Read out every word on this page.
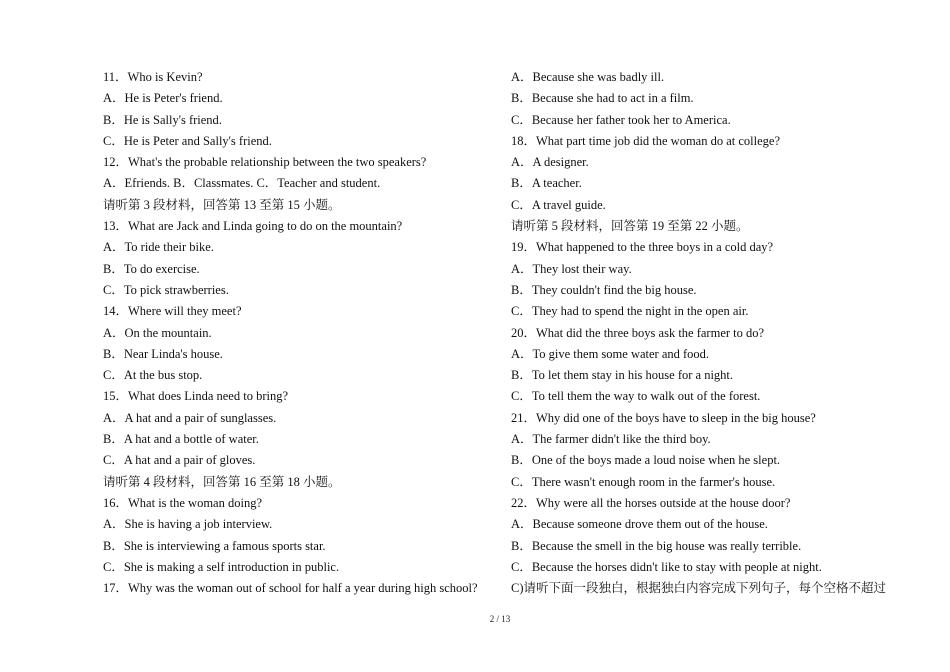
11．Who is Kevin?
A．He is Peter's friend.
B．He is Sally's friend.
C．He is Peter and Sally's friend.
12．What's the probable relationship between the two speakers?
A．Efriends. B．Classmates. C．Teacher and student.
请听第 3 段材料，回答第 13 至第 15 小题。
13．What are Jack and Linda going to do on the mountain?
A．To ride their bike.
B．To do exercise.
C．To pick strawberries.
14．Where will they meet?
A．On the mountain.
B．Near Linda's house.
C．At the bus stop.
15．What does Linda need to bring?
A．A hat and a pair of sunglasses.
B．A hat and a bottle of water.
C．A hat and a pair of gloves.
请听第 4 段材料，回答第 16 至第 18 小题。
16．What is the woman doing?
A．She is having a job interview.
B．She is interviewing a famous sports star.
C．She is making a self introduction in public.
17．Why was the woman out of school for half a year during high school?
A．Because she was badly ill.
B．Because she had to act in a film.
C．Because her father took her to America.
18．What part time job did the woman do at college?
A．A designer.
B．A teacher.
C．A travel guide.
请听第 5 段材料，回答第 19 至第 22 小题。
19．What happened to the three boys in a cold day?
A．They lost their way.
B．They couldn't find the big house.
C．They had to spend the night in the open air.
20．What did the three boys ask the farmer to do?
A．To give them some water and food.
B．To let them stay in his house for a night.
C．To tell them the way to walk out of the forest.
21．Why did one of the boys have to sleep in the big house?
A．The farmer didn't like the third boy.
B．One of the boys made a loud noise when he slept.
C．There wasn't enough room in the farmer's house.
22．Why were all the horses outside at the house door?
A．Because someone drove them out of the house.
B．Because the smell in the big house was really terrible.
C．Because the horses didn't like to stay with people at night.
C)请听下面一段独白，根据独白内容完成下列句子，每个空格不超过
2 / 13
